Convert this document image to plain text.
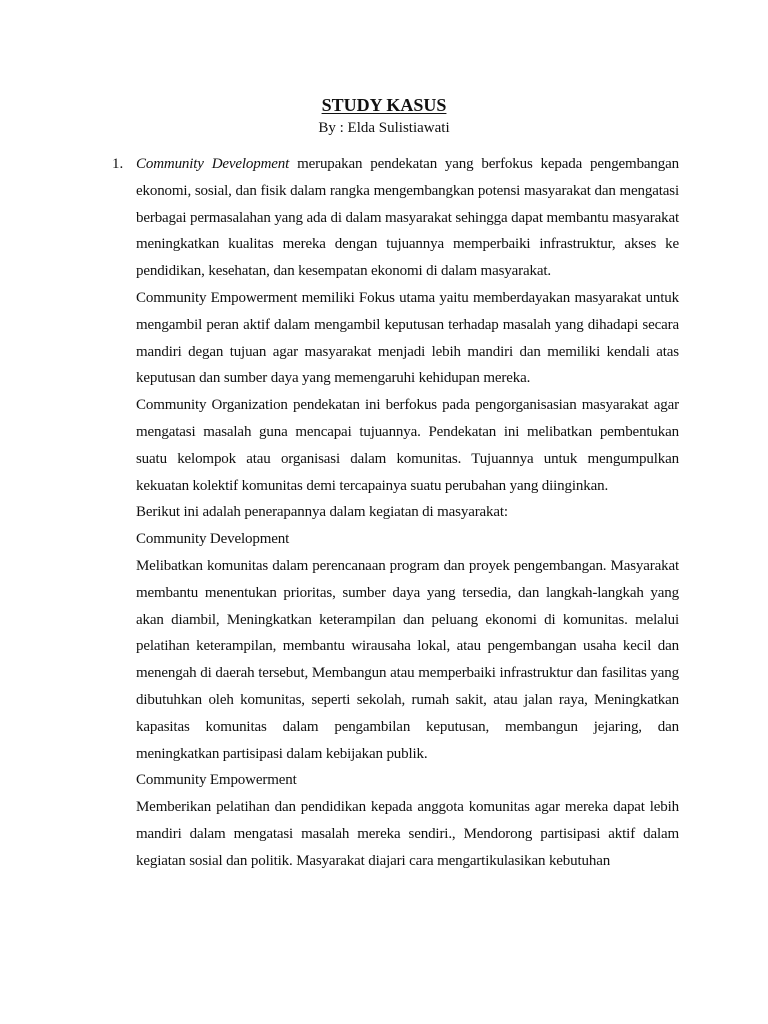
STUDY KASUS
By : Elda Sulistiawati
1. Community Development merupakan pendekatan yang berfokus kepada pengembangan ekonomi, sosial, dan fisik dalam rangka mengembangkan potensi masyarakat dan mengatasi berbagai permasalahan yang ada di dalam masyarakat sehingga dapat membantu masyarakat meningkatkan kualitas mereka dengan tujuannya memperbaiki infrastruktur, akses ke pendidikan, kesehatan, dan kesempatan ekonomi di dalam masyarakat.

Community Empowerment memiliki Fokus utama yaitu memberdayakan masyarakat untuk mengambil peran aktif dalam mengambil keputusan terhadap masalah yang dihadapi secara mandiri degan tujuan agar masyarakat menjadi lebih mandiri dan memiliki kendali atas keputusan dan sumber daya yang memengaruhi kehidupan mereka.

Community Organization pendekatan ini berfokus pada pengorganisasian masyarakat agar mengatasi masalah guna mencapai tujuannya. Pendekatan ini melibatkan pembentukan suatu kelompok atau organisasi dalam komunitas. Tujuannya untuk mengumpulkan kekuatan kolektif komunitas demi tercapainya suatu perubahan yang diinginkan.

Berikut ini adalah penerapannya dalam kegiatan di masyarakat:

Community Development

Melibatkan komunitas dalam perencanaan program dan proyek pengembangan. Masyarakat membantu menentukan prioritas, sumber daya yang tersedia, dan langkah-langkah yang akan diambil, Meningkatkan keterampilan dan peluang ekonomi di komunitas. melalui pelatihan keterampilan, membantu wirausaha lokal, atau pengembangan usaha kecil dan menengah di daerah tersebut, Membangun atau memperbaiki infrastruktur dan fasilitas yang dibutuhkan oleh komunitas, seperti sekolah, rumah sakit, atau jalan raya, Meningkatkan kapasitas komunitas dalam pengambilan keputusan, membangun jejaring, dan meningkatkan partisipasi dalam kebijakan publik.

Community Empowerment

Memberikan pelatihan dan pendidikan kepada anggota komunitas agar mereka dapat lebih mandiri dalam mengatasi masalah mereka sendiri., Mendorong partisipasi aktif dalam kegiatan sosial dan politik. Masyarakat diajari cara mengartikulasikan kebutuhan
